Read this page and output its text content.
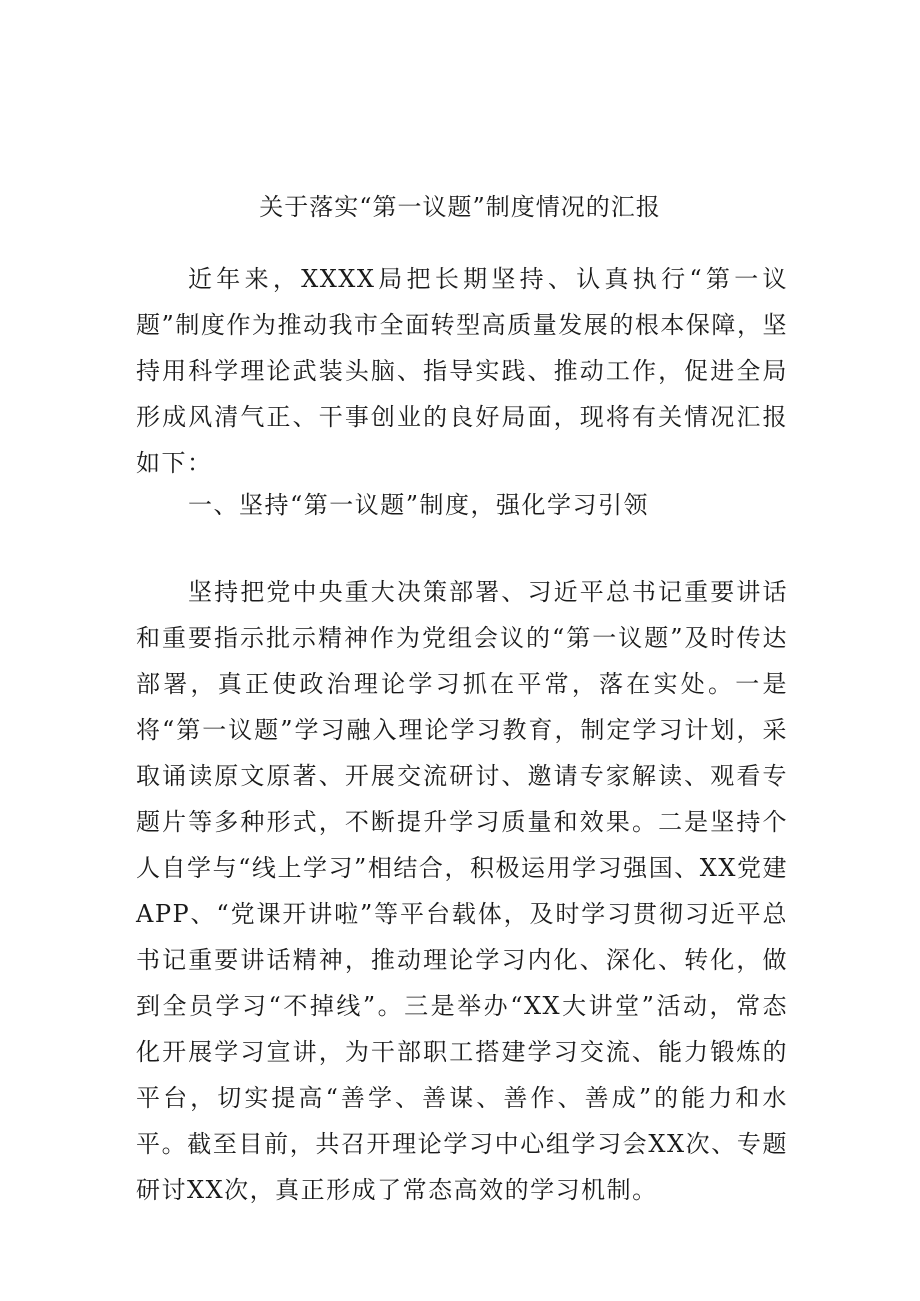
关于落实“第一议题”制度情况的汇报

近年来，XXXX局把长期坚持、认真执行“第一议题”制度作为推动我市全面转型高质量发展的根本保障，坚持用科学理论武装头脑、指导实践、推动工作，促进全局形成风清气正、干事创业的良好局面，现将有关情况汇报如下：

一、坚持“第一议题”制度，强化学习引领

坚持把党中央重大决策部署、习近平总书记重要讲话和重要指示批示精神作为党组会议的“第一议题”及时传达部署，真正使政治理论学习抓在平常，落在实处。一是将“第一议题”学习融入理论学习教育，制定学习计划，采取诵读原文原著、开展交流研讨、邀请专家解读、观看专题片等多种形式，不断提升学习质量和效果。二是坚持个人自学与“线上学习”相结合，积极运用学习强国、XX党建APP、“党课开讲啦”等平台载体，及时学习贯彻习近平总书记重要讲话精神，推动理论学习内化、深化、转化，做到全员学习“不掉线”。三是举办“XX大讲堂”活动，常态化开展学习宣讲，为干部职工搭建学习交流、能力锻炼的平台，切实提高“善学、善谋、善作、善成”的能力和水平。截至目前，共召开理论学习中心组学习会XX次、专题研讨XX次，真正形成了常态高效的学习机制。
